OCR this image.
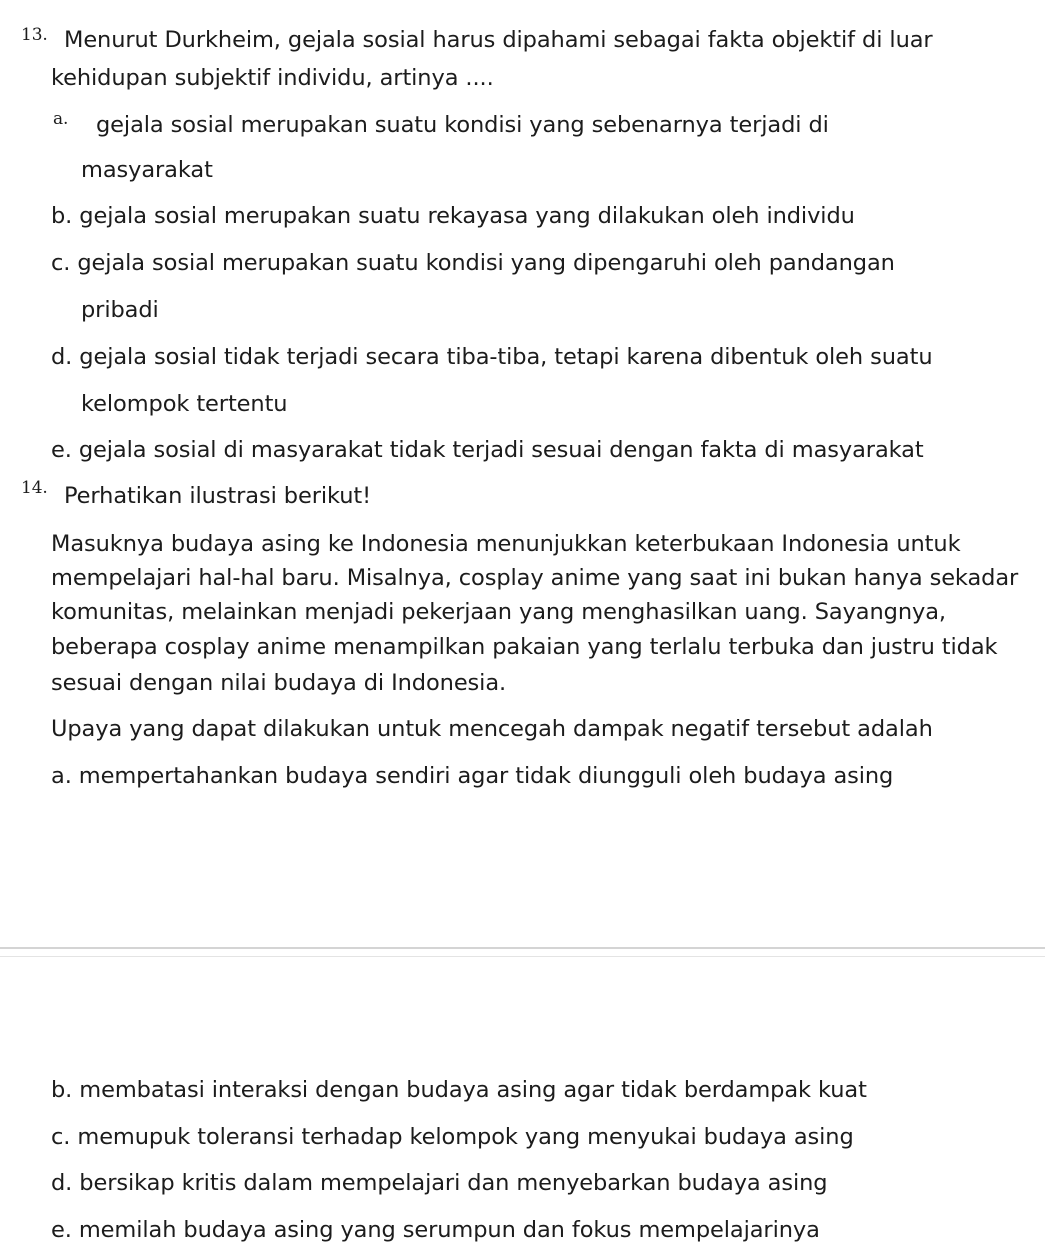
13. Menurut Durkheim, gejala sosial harus dipahami sebagai fakta objektif di luar
kehidupan subjektif individu, artinya ....
a. gejala sosial merupakan suatu kondisi yang sebenarnya terjadi di
masyarakat
b. gejala sosial merupakan suatu rekayasa yang dilakukan oleh individu
c. gejala sosial merupakan suatu kondisi yang dipengaruhi oleh pandangan
pribadi
d. gejala sosial tidak terjadi secara tiba-tiba, tetapi karena dibentuk oleh suatu
kelompok tertentu
e. gejala sosial di masyarakat tidak terjadi sesuai dengan fakta di masyarakat
14. Perhatikan ilustrasi berikut!
Masuknya budaya asing ke Indonesia menunjukkan keterbukaan Indonesia untuk
mempelajari hal-hal baru. Misalnya, cosplay anime yang saat ini bukan hanya sekadar
komunitas, melainkan menjadi pekerjaan yang menghasilkan uang. Sayangnya,
beberapa cosplay anime menampilkan pakaian yang terlalu terbuka dan justru tidak
sesuai dengan nilai budaya di Indonesia.
Upaya yang dapat dilakukan untuk mencegah dampak negatif tersebut adalah
a. mempertahankan budaya sendiri agar tidak diungguli oleh budaya asing
b. membatasi interaksi dengan budaya asing agar tidak berdampak kuat
c. memupuk toleransi terhadap kelompok yang menyukai budaya asing
d. bersikap kritis dalam mempelajari dan menyebarkan budaya asing
e. memilah budaya asing yang serumpun dan fokus mempelajarinya
